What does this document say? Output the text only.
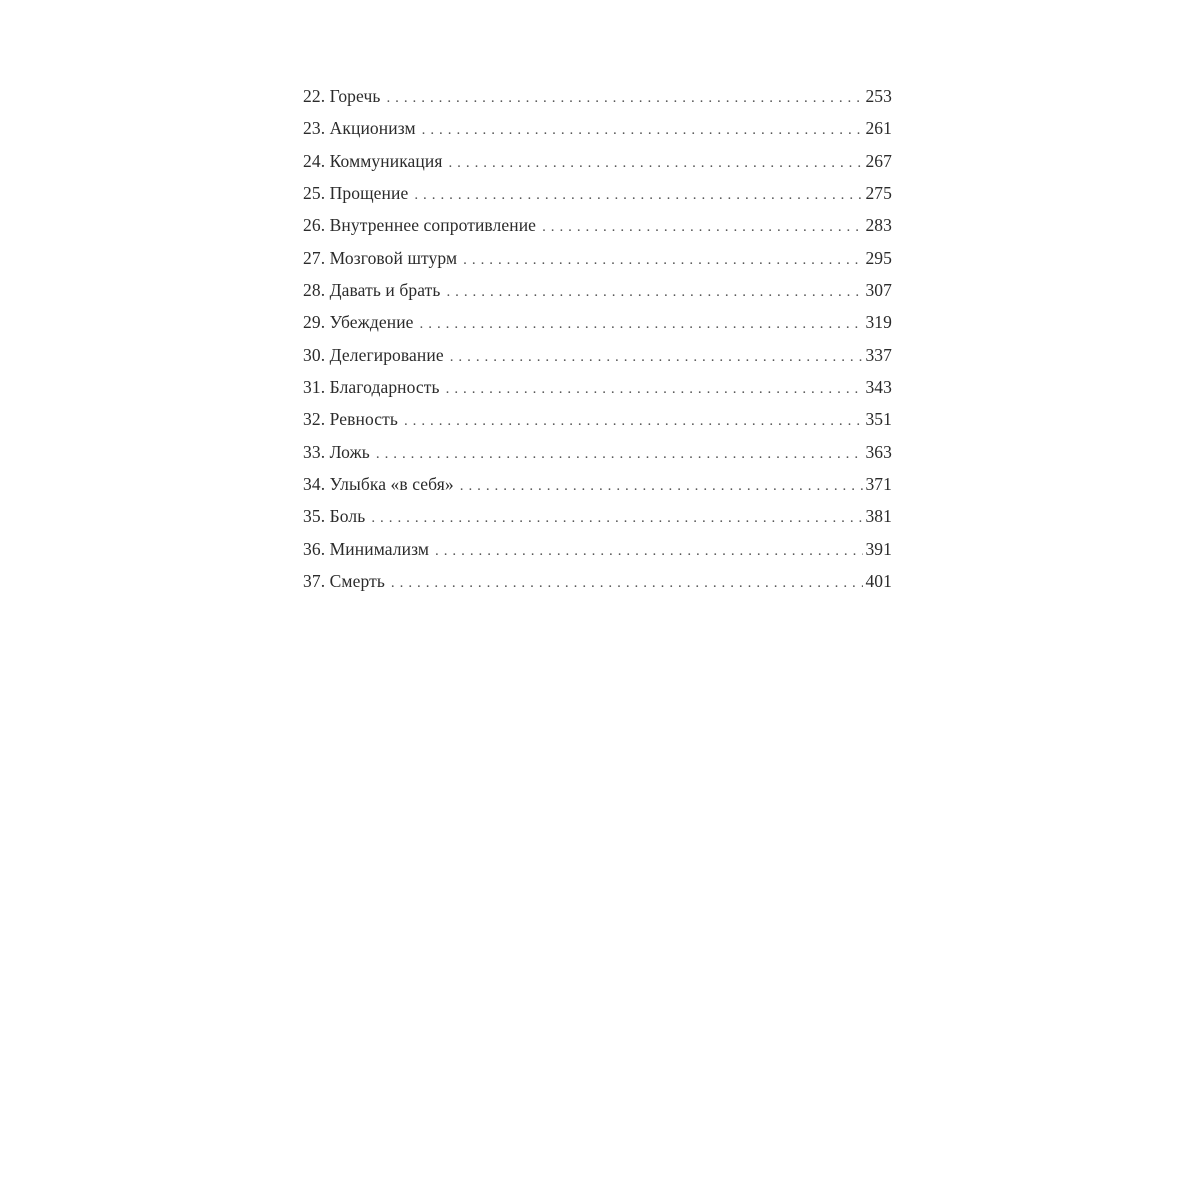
22. Горечь . . .	253
23. Акционизм . . .	261
24. Коммуникация . . .	267
25. Прощение . . .	275
26. Внутреннее сопротивление . . .	283
27. Мозговой штурм . . .	295
28. Давать и брать . . .	307
29. Убеждение . . .	319
30. Делегирование . . .	337
31. Благодарность . . .	343
32. Ревность . . .	351
33. Ложь . . .	363
34. Улыбка «в себя» . . .	371
35. Боль . . .	381
36. Минимализм . . .	391
37. Смерть . . .	401
